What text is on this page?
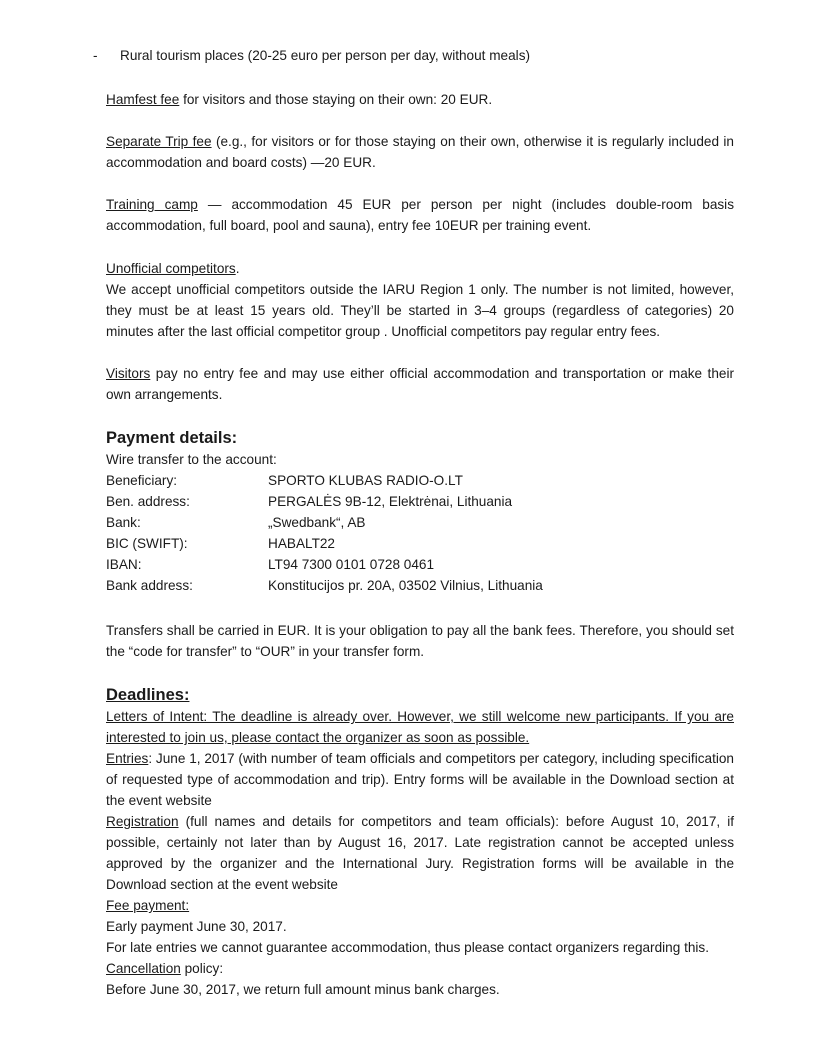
- Rural tourism places (20-25 euro per person per day, without meals)

Hamfest fee for visitors and those staying on their own: 20 EUR.

Separate Trip fee (e.g., for visitors or for those staying on their own, otherwise it is regularly included in accommodation and board costs) —20 EUR.

Training camp — accommodation 45 EUR per person per night (includes double-room basis accommodation, full board, pool and sauna), entry fee 10EUR per training event.

Unofficial competitors.

We accept unofficial competitors outside the IARU Region 1 only. The number is not limited, however, they must be at least 15 years old. They’ll be started in 3–4 groups (regardless of categories) 20 minutes after the last official competitor group . Unofficial competitors pay regular entry fees.

Visitors pay no entry fee and may use either official accommodation and transportation or make their own arrangements.

Payment details:

Wire transfer to the account:

Beneficiary:	SPORTO KLUBAS RADIO-O.LT
Ben. address:	PERGALĖS 9B-12, Elektrėnai, Lithuania
Bank:	„Swedbank“, AB
BIC (SWIFT):	HABALT22
IBAN:	LT94 7300 0101 0728 0461
Bank address:	Konstitucijos pr. 20A, 03502 Vilnius, Lithuania

Transfers shall be carried in EUR. It is your obligation to pay all the bank fees. Therefore, you should set the “code for transfer” to “OUR” in your transfer form.

Deadlines:

Letters of Intent: The deadline is already over. However, we still welcome new participants. If you are interested to join us, please contact the organizer as soon as possible.

Entries: June 1, 2017 (with number of team officials and competitors per category, including specification of requested type of accommodation and trip). Entry forms will be available in the Download section at the event website

Registration (full names and details for competitors and team officials): before August 10, 2017, if possible, certainly not later than by August 16, 2017. Late registration cannot be accepted unless approved by the organizer and the International Jury. Registration forms will be available in the Download section at the event website

Fee payment:

Early payment June 30, 2017.

For late entries we cannot guarantee accommodation, thus please contact organizers regarding this.

Cancellation policy:

Before June 30, 2017, we return full amount minus bank charges.
